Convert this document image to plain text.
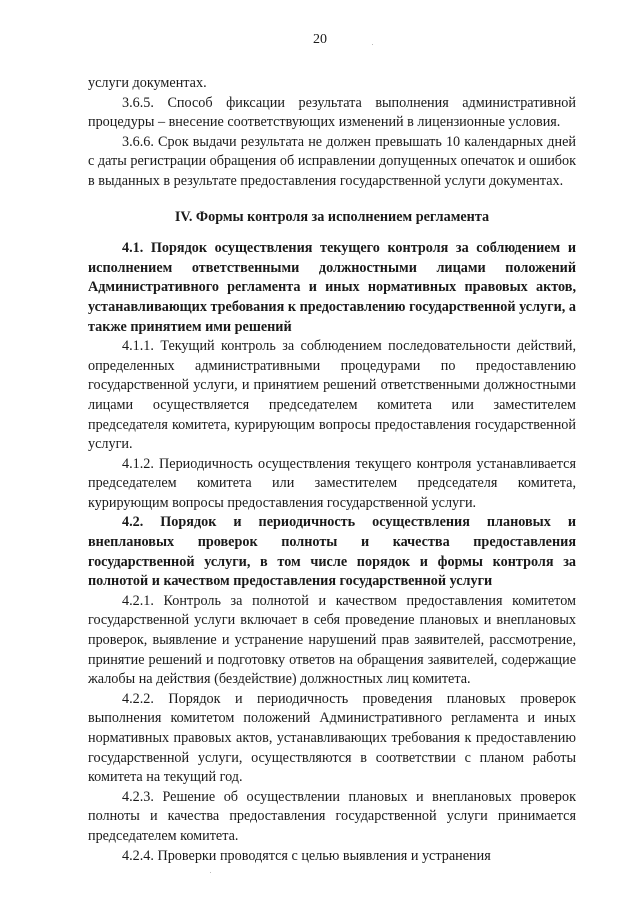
20

услуги документах.

3.6.5. Способ фиксации результата выполнения административной процедуры – внесение соответствующих изменений в лицензионные условия.

3.6.6. Срок выдачи результата не должен превышать 10 календарных дней с даты регистрации обращения об исправлении допущенных опечаток и ошибок в выданных в результате предоставления государственной услуги документах.

IV. Формы контроля за исполнением регламента

4.1. Порядок осуществления текущего контроля за соблюдением и исполнением ответственными должностными лицами положений Административного регламента и иных нормативных правовых актов, устанавливающих требования к предоставлению государственной услуги, а также принятием ими решений

4.1.1. Текущий контроль за соблюдением последовательности действий, определенных административными процедурами по предоставлению государственной услуги, и принятием решений ответственными должностными лицами осуществляется председателем комитета или заместителем председателя комитета, курирующим вопросы предоставления государственной услуги.

4.1.2. Периодичность осуществления текущего контроля устанавливается председателем комитета или заместителем председателя комитета, курирующим вопросы предоставления государственной услуги.

4.2. Порядок и периодичность осуществления плановых и внеплановых проверок полноты и качества предоставления государственной услуги, в том числе порядок и формы контроля за полнотой и качеством предоставления государственной услуги

4.2.1. Контроль за полнотой и качеством предоставления комитетом государственной услуги включает в себя проведение плановых и внеплановых проверок, выявление и устранение нарушений прав заявителей, рассмотрение, принятие решений и подготовку ответов на обращения заявителей, содержащие жалобы на действия (бездействие) должностных лиц комитета.

4.2.2. Порядок и периодичность проведения плановых проверок выполнения комитетом положений Административного регламента и иных нормативных правовых актов, устанавливающих требования к предоставлению государственной услуги, осуществляются в соответствии с планом работы комитета на текущий год.

4.2.3. Решение об осуществлении плановых и внеплановых проверок полноты и качества предоставления государственной услуги принимается председателем комитета.

4.2.4. Проверки проводятся с целью выявления и устранения
